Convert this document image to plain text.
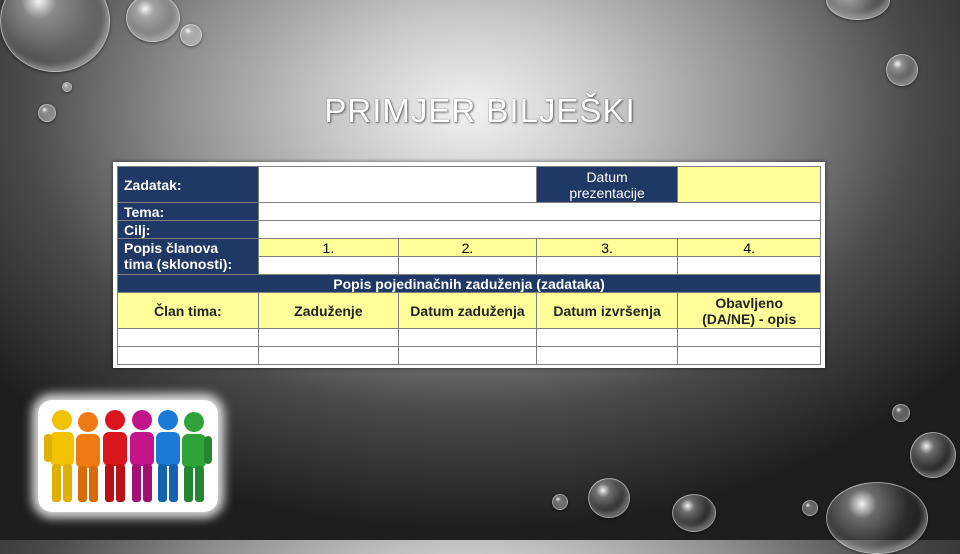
PRIMJER BILJEŠKI
Zadatak:			Datum
prezentacije	

Tema:				
Cilj:				

Popis članova
tima (sklonosti):	1.	2.	3.	4.

Popis pojedinačnih zaduženja (zadataka)				
Član tima:	Zaduženje	Datum zaduženja	Datum izvršenja	Obavljeno
(DA/NE) - opis
